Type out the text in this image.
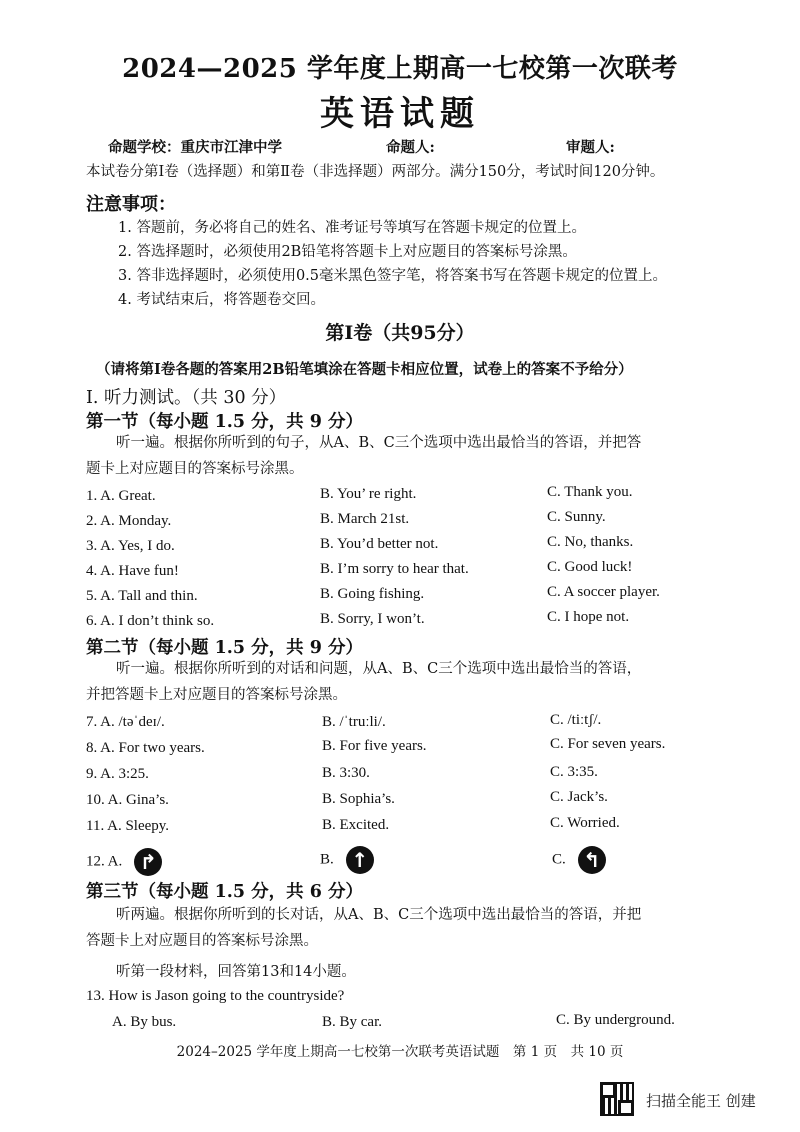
2024—2025 学年度上期高一七校第一次联考
英语试题
命题学校：重庆市江津中学	命题人:	审题人:
本试卷分第Ⅰ卷（选择题）和第Ⅱ卷（非选择题）两部分。满分150分，考试时间120分钟。
注意事项：
1. 答题前，务必将自己的姓名、准考证号等填写在答题卡规定的位置上。
2. 答选择题时，必须使用2B铅笔将答题卡上对应题目的答案标号涂黑。
3. 答非选择题时，必须使用0.5毫米黑色签字笔，将答案书写在答题卡规定的位置上。
4. 考试结束后，将答题卷交回。
第Ⅰ卷（共95分）
（请将第Ⅰ卷各题的答案用2B铅笔填涂在答题卡相应位置，试卷上的答案不予给分）
I. 听力测试。（共 30 分）
第一节（每小题 1.5 分，共 9 分）
听一遍。根据你所听到的句子，从A、B、C三个选项中选出最恰当的答语，并把答
题卡上对应题目的答案标号涂黑。
1. A. Great.	B. You’ re right.	C. Thank you.
2. A. Monday.	B. March 21st.	C. Sunny.
3. A. Yes, I do.	B. You’d better not.	C. No, thanks.
4. A. Have fun!	B. I’m sorry to hear that.	C. Good luck!
5. A. Tall and thin.	B. Going fishing.	C. A soccer player.
6. A. I don’t think so.	B. Sorry, I won’t.	C. I hope not.
第二节（每小题 1.5 分，共 9 分）
听一遍。根据你所听到的对话和问题，从A、B、C三个选项中选出最恰当的答语，
并把答题卡上对应题目的答案标号涂黑。
7. A. /təˈdeɪ/.	B. /ˈtruːli/.	C. /tiːtʃ/.
8. A. For two years.	B. For five years.	C. For seven years.
9. A. 3:25.	B. 3:30.	C. 3:35.
10. A. Gina’s.	B. Sophia’s.	C. Jack’s.
11. A. Sleepy.	B. Excited.	C. Worried.
12. A. ↱	B. ↑	C. ↰
第三节（每小题 1.5 分，共 6 分）
听两遍。根据你所听到的长对话，从A、B、C三个选项中选出最恰当的答语，并把
答题卡上对应题目的答案标号涂黑。
听第一段材料，回答第13和14小题。
13. How is Jason going to the countryside?
A. By bus.	B. By car.	C. By underground.
2024–2025 学年度上期高一七校第一次联考英语试题　第 1 页　共 10 页
扫描全能王 创建
